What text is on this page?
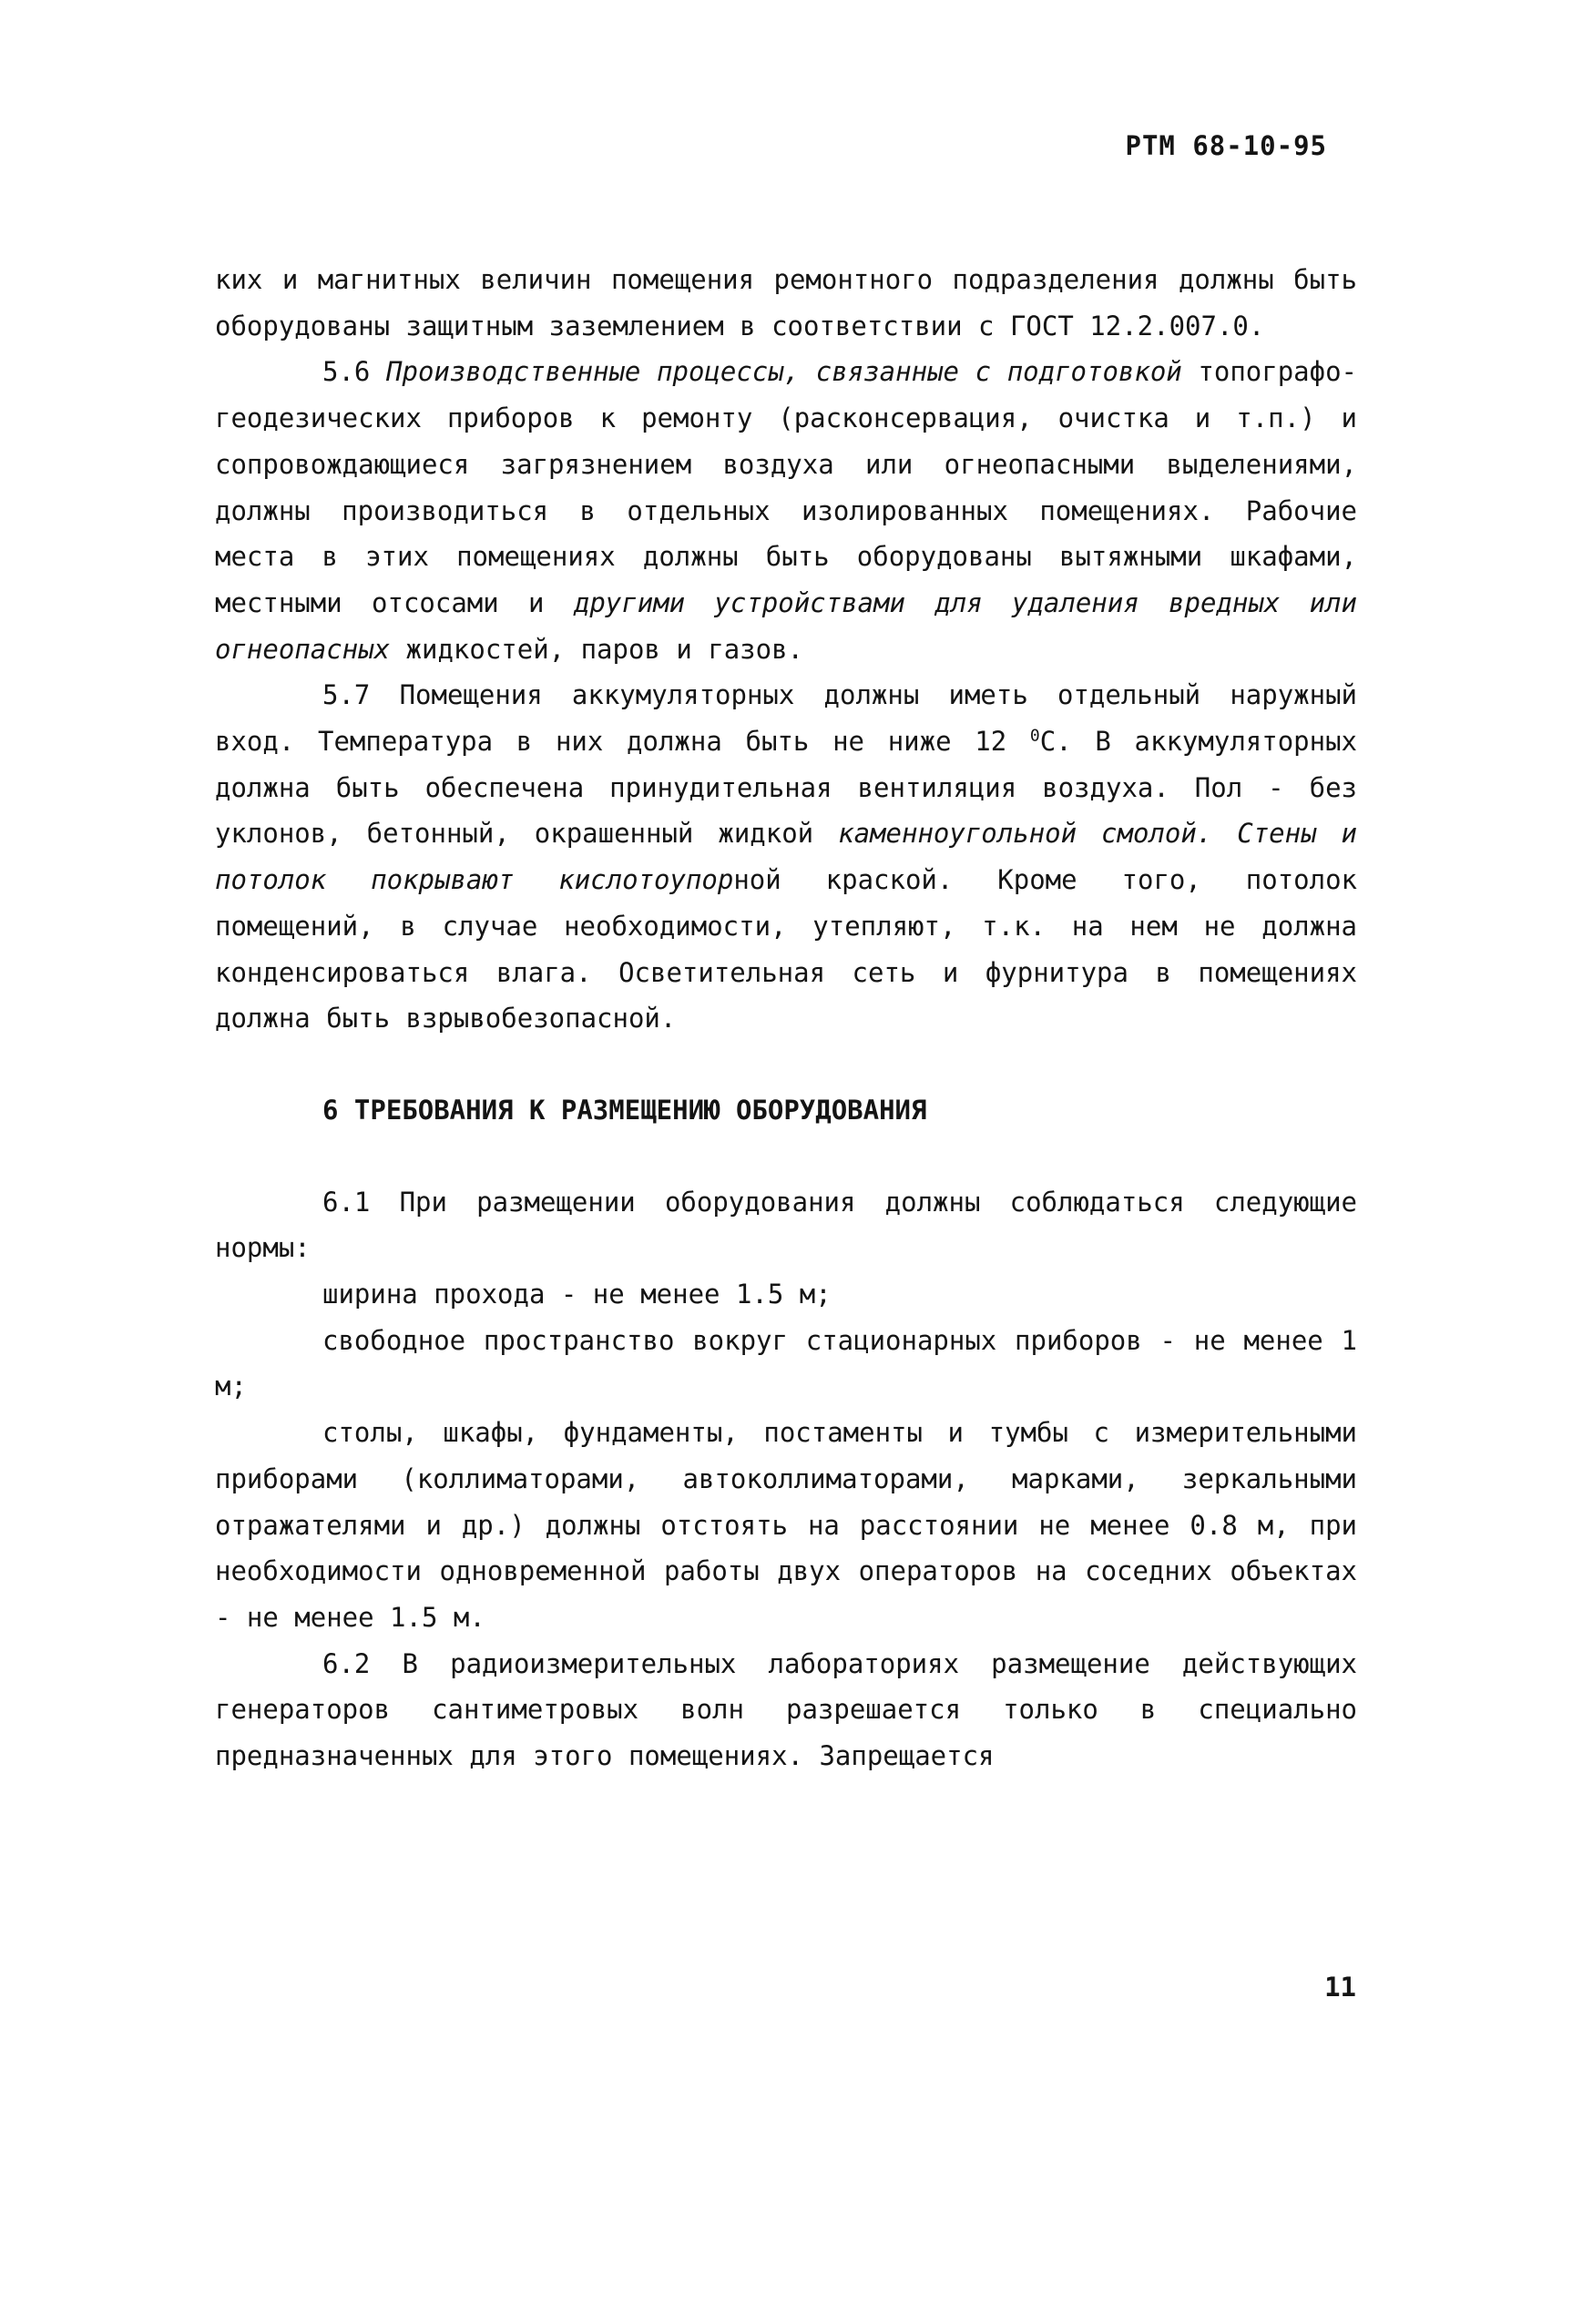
РТМ 68-10-95

ких и магнитных величин помещения ремонтного подразделения должны быть оборудованы защитным заземлением в соответствии с ГОСТ 12.2.007.0.

5.6 Производственные процессы, связанные с подготовкой топографо-геодезических приборов к ремонту (расконсервация, очистка и т.п.) и сопровождающиеся загрязнением воздуха или огнеопасными выделениями, должны производиться в отдельных изолированных помещениях. Рабочие места в этих помещениях должны быть оборудованы вытяжными шкафами, местными отсосами и другими устройствами для удаления вредных или огнеопасных жидкостей, паров и газов.

5.7 Помещения аккумуляторных должны иметь отдельный наружный вход. Температура в них должна быть не ниже 12 $^0$С. В аккумуляторных должна быть обеспечена принудительная вентиляция воздуха. Пол - без уклонов, бетонный, окрашенный жидкой каменноугольной смолой. Стены и потолок покрывают кислотоупорной краской. Кроме того, потолок помещений, в случае необходимости, утепляют, т.к. на нем не должна конденсироваться влага. Осветительная сеть и фурнитура в помещениях должна быть взрывобезопасной.

6 ТРЕБОВАНИЯ К РАЗМЕЩЕНИЮ ОБОРУДОВАНИЯ

6.1 При размещении оборудования должны соблюдаться следующие нормы:

ширина прохода - не менее 1.5 м;

свободное пространство вокруг стационарных приборов - не менее 1 м;

столы, шкафы, фундаменты, постаменты и тумбы с измерительными приборами (коллиматорами, автоколлиматорами, марками, зеркальными отражателями и др.) должны отстоять на расстоянии не менее 0.8 м, при необходимости одновременной работы двух операторов на соседних объектах - не менее 1.5 м.

6.2 В радиоизмерительных лабораториях размещение действующих генераторов сантиметровых волн разрешается только в специально предназначенных для этого помещениях. Запрещается

11
